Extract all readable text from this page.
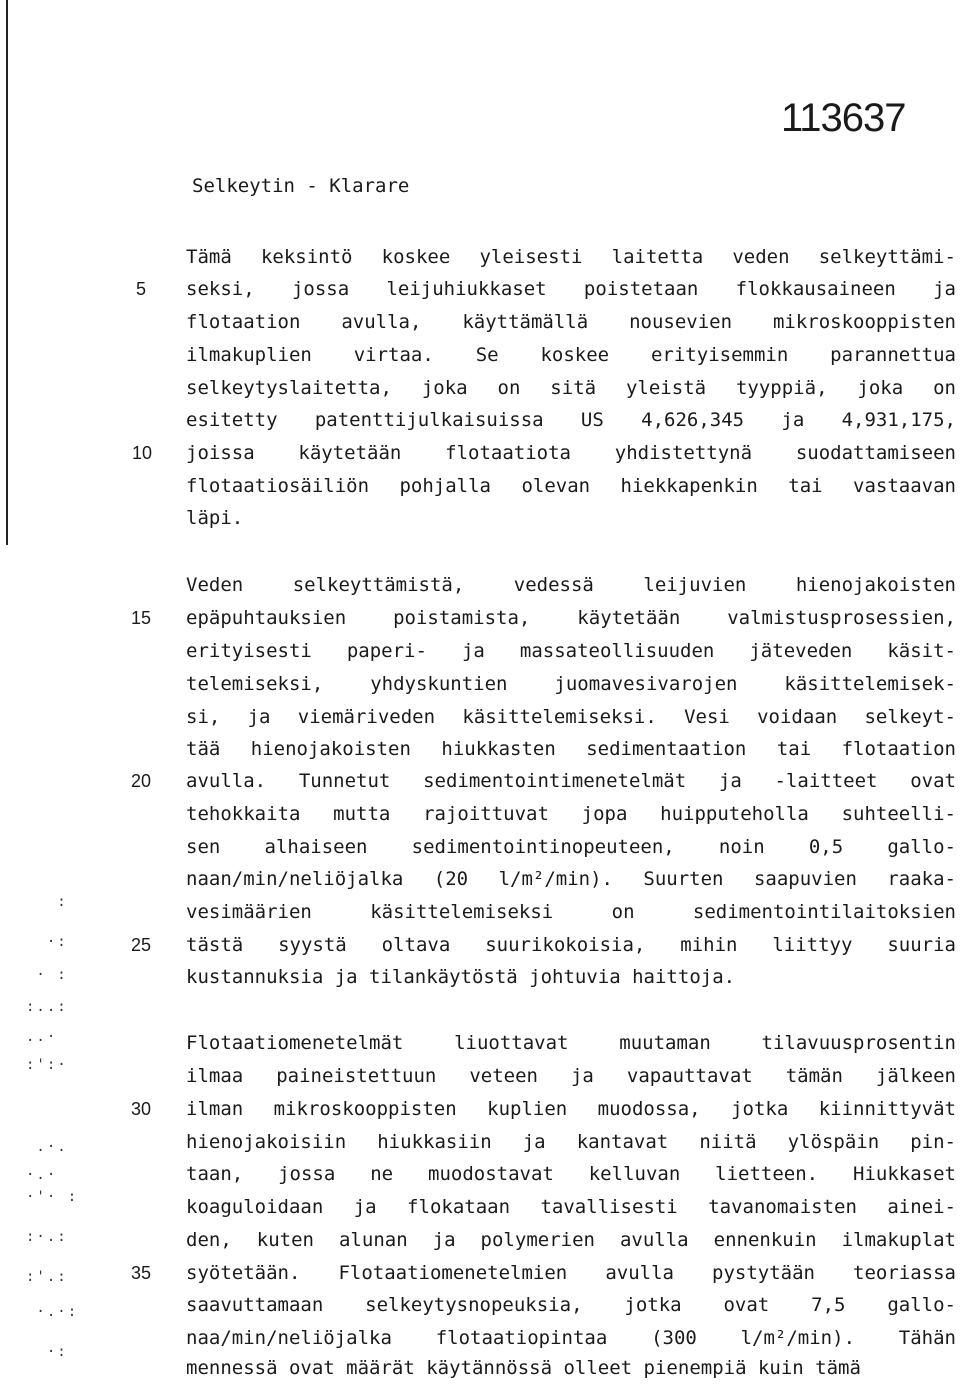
113637
Selkeytin - Klarare
Tämä keksintö koskee yleisesti laitetta veden selkeyttämi-
seksi, jossa leijuhiukkaset poistetaan flokkausaineen ja
flotaation avulla, käyttämällä nousevien mikroskooppisten
ilmakuplien virtaa. Se koskee erityisemmin parannettua
selkeytyslaitetta, joka on sitä yleistä tyyppiä, joka on
esitetty patenttijulkaisuissa US 4,626,345 ja 4,931,175,
joissa käytetään flotaatiota yhdistettynä suodattamiseen
flotaatiosäiliön pohjalla olevan hiekkapenkin tai vastaavan
läpi.
Veden selkeyttämistä, vedessä leijuvien hienojakoisten
epäpuhtauksien poistamista, käytetään valmistusprosessien,
erityisesti paperi- ja massateollisuuden jäteveden käsit-
telemiseksi, yhdyskuntien juomavesivarojen käsittelemisek-
si, ja viemäriveden käsittelemiseksi. Vesi voidaan selkeyt-
tää hienojakoisten hiukkasten sedimentaation tai flotaation
avulla. Tunnetut sedimentointimenetelmät ja -laitteet ovat
tehokkaita mutta rajoittuvat jopa huipputeholla suhteelli-
sen alhaiseen sedimentointinopeuteen, noin 0,5 gallo-
naan/min/neliöjalka (20 l/m²/min). Suurten saapuvien raaka-
vesimäärien käsittelemiseksi on sedimentointilaitoksien
tästä syystä oltava suurikokoisia, mihin liittyy suuria
kustannuksia ja tilankäytöstä johtuvia haittoja.
Flotaatiomenetelmät liuottavat muutaman tilavuusprosentin
ilmaa paineistettuun veteen ja vapauttavat tämän jälkeen
ilman mikroskooppisten kuplien muodossa, jotka kiinnittyvät
hienojakoisiin hiukkasiin ja kantavat niitä ylöspäin pin-
taan, jossa ne muodostavat kelluvan lietteen. Hiukkaset
koaguloidaan ja flokataan tavallisesti tavanomaisten ainei-
den, kuten alunan ja polymerien avulla ennenkuin ilmakuplat
syötetään. Flotaatiomenetelmien avulla pystytään teoriassa
saavuttamaan selkeytysnopeuksia, jotka ovat 7,5 gallo-
naa/min/neliöjalka flotaatiopintaa (300 l/m²/min). Tähän
mennessä ovat määrät käytännössä olleet pienempiä kuin tämä
5
10
15
20
25
30
35
:
·:
· :
:..:
..·
:':·
.·.
·.·
·'· :
:·.:
:'.:
·.·:
·:
